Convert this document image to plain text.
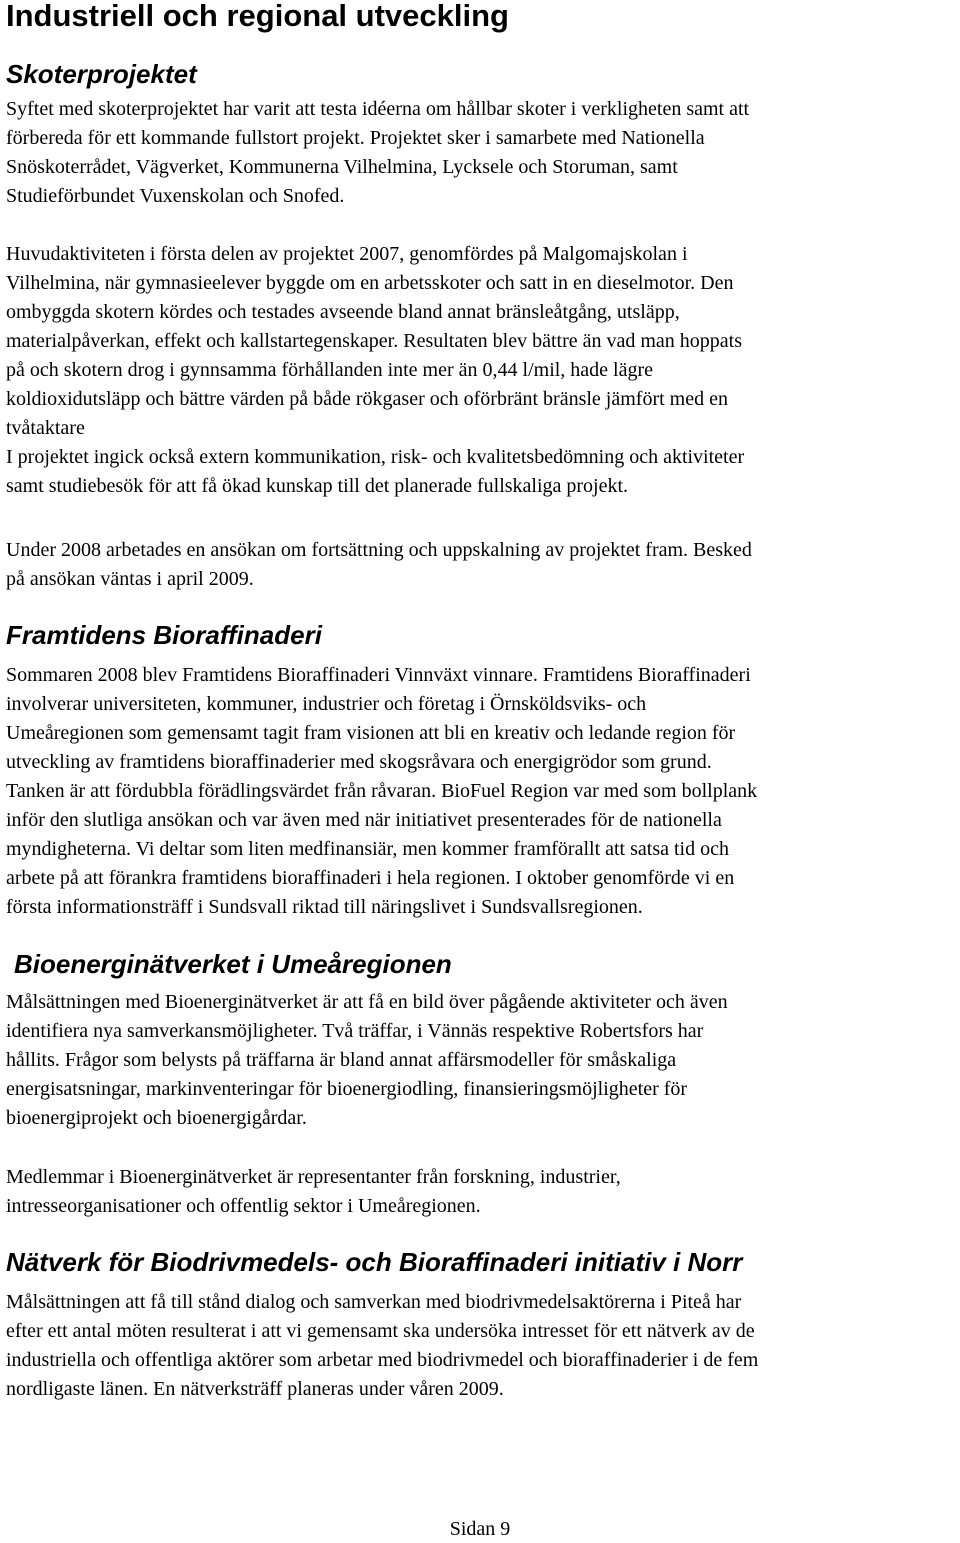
Industriell och regional utveckling
Skoterprojektet
Syftet med skoterprojektet har varit att testa idéerna om hållbar skoter i verkligheten samt att
förbereda för ett kommande fullstort projekt. Projektet sker i samarbete med Nationella
Snöskoterrådet, Vägverket, Kommunerna Vilhelmina, Lycksele och Storuman, samt
Studieförbundet Vuxenskolan och Snofed.
Huvudaktiviteten i första delen av projektet 2007, genomfördes på Malgomajskolan i
Vilhelmina, när gymnasieelever byggde om en arbetsskoter och satt in en dieselmotor. Den
ombyggda skotern kördes och testades avseende bland annat bränsleåtgång, utsläpp,
materialpåverkan, effekt och kallstartegenskaper. Resultaten blev bättre än vad man hoppats
på och skotern drog i gynnsamma förhållanden inte mer än 0,44 l/mil, hade lägre
koldioxidutsläpp och bättre värden på både rökgaser och oförbränt bränsle jämfört med en
tvåtaktare
I projektet ingick också extern kommunikation, risk- och kvalitetsbedömning och aktiviteter
samt studiebesök för att få ökad kunskap till det planerade fullskaliga projekt.
Under 2008 arbetades en ansökan om fortsättning och uppskalning av projektet fram. Besked
på ansökan väntas i april 2009.
Framtidens Bioraffinaderi
Sommaren 2008 blev Framtidens Bioraffinaderi Vinnväxt vinnare. Framtidens Bioraffinaderi
involverar universiteten, kommuner, industrier och företag i Örnsköldsviks- och
Umeåregionen som gemensamt tagit fram visionen att bli en kreativ och ledande region för
utveckling av framtidens bioraffinaderier med skogsråvara och energigrödor som grund.
Tanken är att fördubbla förädlingsvärdet från råvaran. BioFuel Region var med som bollplank
inför den slutliga ansökan och var även med när initiativet presenterades för de nationella
myndigheterna. Vi deltar som liten medfinansiär, men kommer framförallt att satsa tid och
arbete på att förankra framtidens bioraffinaderi i hela regionen. I oktober genomförde vi en
första informationsträff i Sundsvall riktad till näringslivet i Sundsvallsregionen.
Bioenerginätverket i Umeåregionen
Målsättningen med Bioenerginätverket är att få en bild över pågående aktiviteter och även
identifiera nya samverkansmöjligheter. Två träffar, i Vännäs respektive Robertsfors har
hållits. Frågor som belysts på träffarna är bland annat affärsmodeller för småskaliga
energisatsningar, markinventeringar för bioenergiodling, finansieringsmöjligheter för
bioenergiprojekt och bioenergigårdar.
Medlemmar i Bioenerginätverket är representanter från forskning, industrier,
intresseorganisationer och offentlig sektor i Umeåregionen.
Nätverk för Biodrivmedels- och Bioraffinaderi initiativ i Norr
Målsättningen att få till stånd dialog och samverkan med biodrivmedelsaktörerna i Piteå har
efter ett antal möten resulterat i att vi gemensamt ska undersöka intresset för ett nätverk av de
industriella och offentliga aktörer som arbetar med biodrivmedel och bioraffinaderier i de fem
nordligaste länen. En nätverksträff planeras under våren 2009.
Sidan 9
